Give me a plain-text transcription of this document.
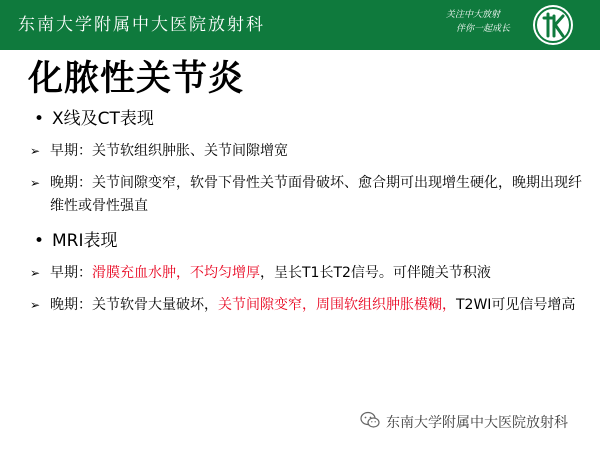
东南大学附属中大医院放射科	关注中大放射
伴你一起成长
化脓性关节炎
• X线及CT表现
➢ 早期：关节软组织肿胀、关节间隙增宽
➢ 晚期：关节间隙变窄，软骨下骨性关节面骨破坏、愈合期可出现增生硬化，晚期出现纤维性或骨性强直
• MRI表现
➢ 早期：滑膜充血水肿，不均匀增厚，呈长T1长T2信号。可伴随关节积液
➢ 晚期：关节软骨大量破坏，关节间隙变窄，周围软组织肿胀模糊，T2WI可见信号增高
东南大学附属中大医院放射科
